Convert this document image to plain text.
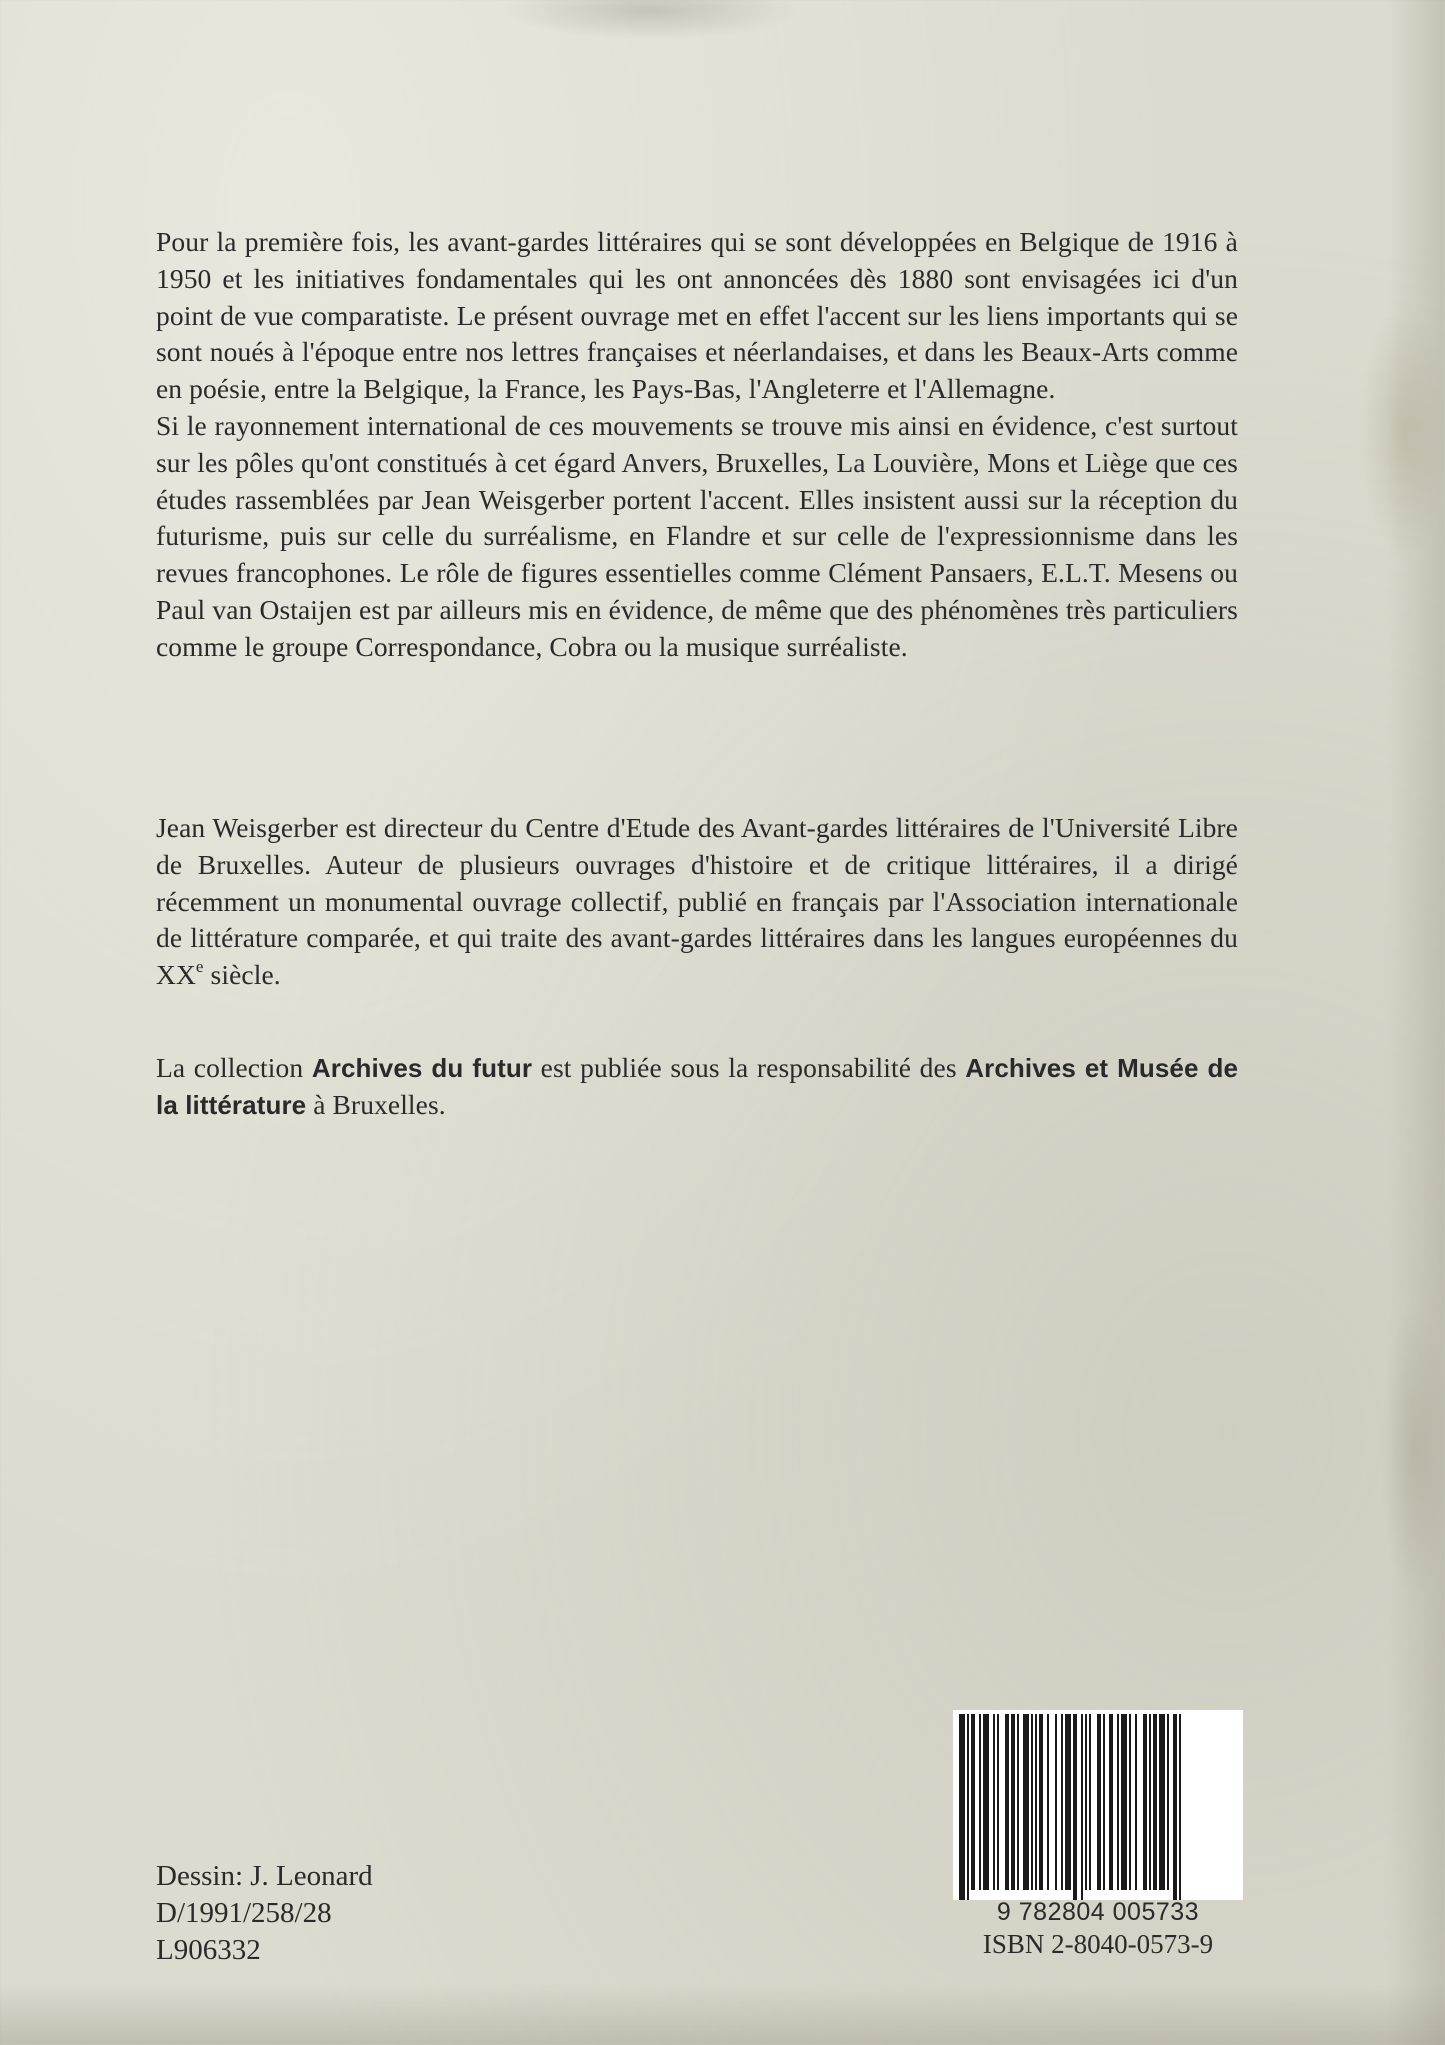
Pour la première fois, les avant-gardes littéraires qui se sont développées en Belgique de 1916 à 1950 et les initiatives fondamentales qui les ont annoncées dès 1880 sont envisagées ici d'un point de vue comparatiste. Le présent ouvrage met en effet l'accent sur les liens importants qui se sont noués à l'époque entre nos lettres françaises et néerlandaises, et dans les Beaux-Arts comme en poésie, entre la Belgique, la France, les Pays-Bas, l'Angleterre et l'Allemagne.

Si le rayonnement international de ces mouvements se trouve mis ainsi en évidence, c'est surtout sur les pôles qu'ont constitués à cet égard Anvers, Bruxelles, La Louvière, Mons et Liège que ces études rassemblées par Jean Weisgerber portent l'accent. Elles insistent aussi sur la réception du futurisme, puis sur celle du surréalisme, en Flandre et sur celle de l'expressionnisme dans les revues francophones. Le rôle de figures essentielles comme Clément Pansaers, E.L.T. Mesens ou Paul van Ostaijen est par ailleurs mis en évidence, de même que des phénomènes très particuliers comme le groupe Correspondance, Cobra ou la musique surréaliste.

Jean Weisgerber est directeur du Centre d'Etude des Avant-gardes littéraires de l'Université Libre de Bruxelles. Auteur de plusieurs ouvrages d'histoire et de critique littéraires, il a dirigé récemment un monumental ouvrage collectif, publié en français par l'Association internationale de littérature comparée, et qui traite des avant-gardes littéraires dans les langues européennes du XXe siècle.

La collection Archives du futur est publiée sous la responsabilité des Archives et Musée de la littérature à Bruxelles.

Dessin: J. Leonard
D/1991/258/28
L906332
9 782804 005733
ISBN 2-8040-0573-9
